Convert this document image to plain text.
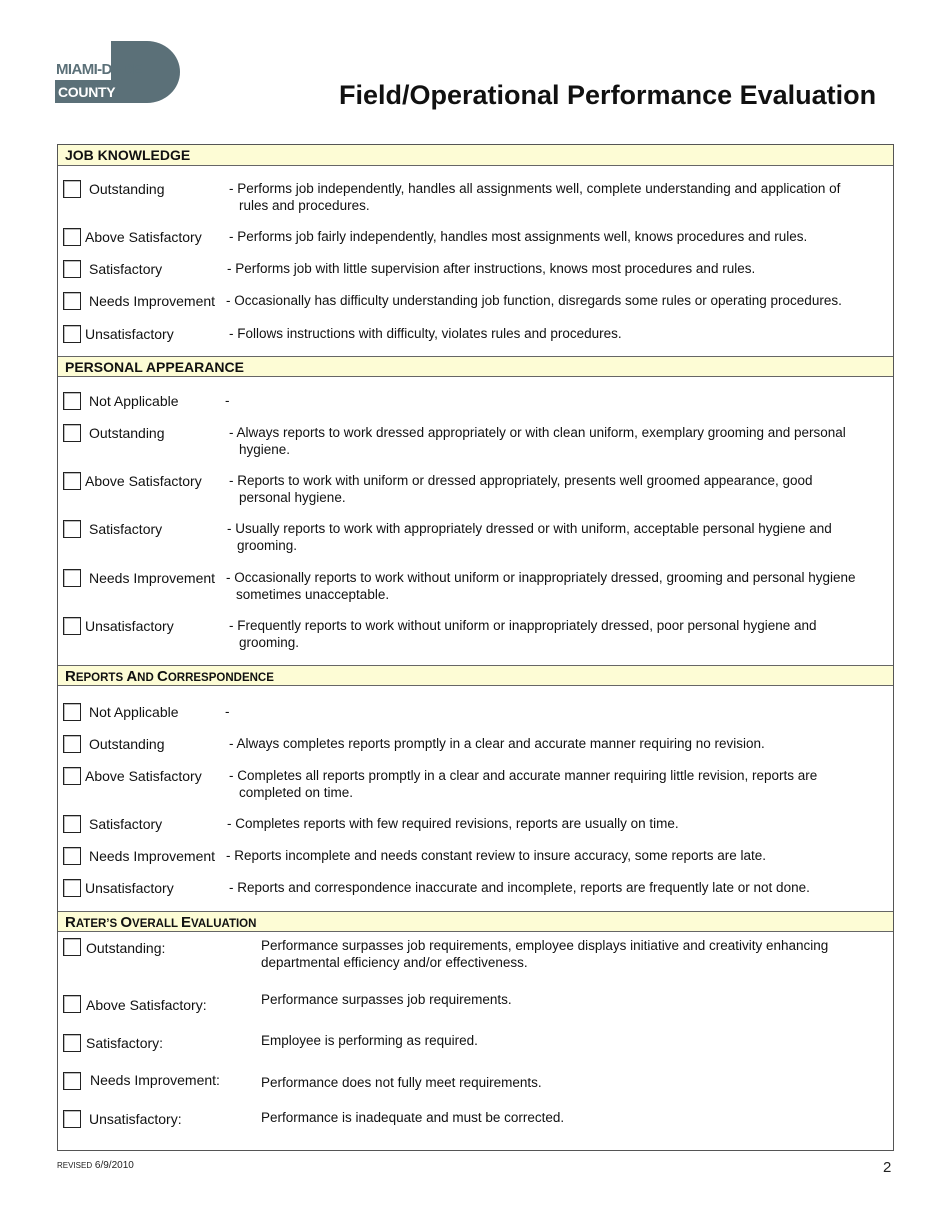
MIAMI-DADE
COUNTY	Field/Operational Performance Evaluation
JOB KNOWLEDGE
Outstanding	- Performs job independently, handles all assignments well, complete understanding and application of
rules and procedures.
Above Satisfactory - Performs job fairly independently, handles most assignments well, knows procedures and rules.
Satisfactory	- Performs job with little supervision after instructions, knows most procedures and rules.
Needs Improvement - Occasionally has difficulty understanding job function, disregards some rules or operating procedures.
Unsatisfactory	- Follows instructions with difficulty, violates rules and procedures.
PERSONAL APPEARANCE
Not Applicable	-
Outstanding	- Always reports to work dressed appropriately or with clean uniform, exemplary grooming and personal
hygiene.
Above Satisfactory - Reports to work with uniform or dressed appropriately, presents well groomed appearance, good
personal hygiene.
Satisfactory	- Usually reports to work with appropriately dressed or with uniform, acceptable personal hygiene and
grooming.
Needs Improvement - Occasionally reports to work without uniform or inappropriately dressed, grooming and personal hygiene
sometimes unacceptable.
Unsatisfactory	- Frequently reports to work without uniform or inappropriately dressed, poor personal hygiene and
grooming.
REPORTS AND CORRESPONDENCE
Not Applicable	-
Outstanding	- Always completes reports promptly in a clear and accurate manner requiring no revision.
Above Satisfactory - Completes all reports promptly in a clear and accurate manner requiring little revision, reports are
completed on time.
Satisfactory	- Completes reports with few required revisions, reports are usually on time.
Needs Improvement - Reports incomplete and needs constant review to insure accuracy, some reports are late.
Unsatisfactory	- Reports and correspondence inaccurate and incomplete, reports are frequently late or not done.
RATER’S OVERALL EVALUATION
Outstanding:	Performance surpasses job requirements, employee displays initiative and creativity enhancing
departmental efficiency and/or effectiveness.
Above Satisfactory:	Performance surpasses job requirements.
Satisfactory:	Employee is performing as required.
Needs Improvement:	Performance does not fully meet requirements.
Unsatisfactory:	Performance is inadequate and must be corrected.
REVISED 6/9/2010	2
